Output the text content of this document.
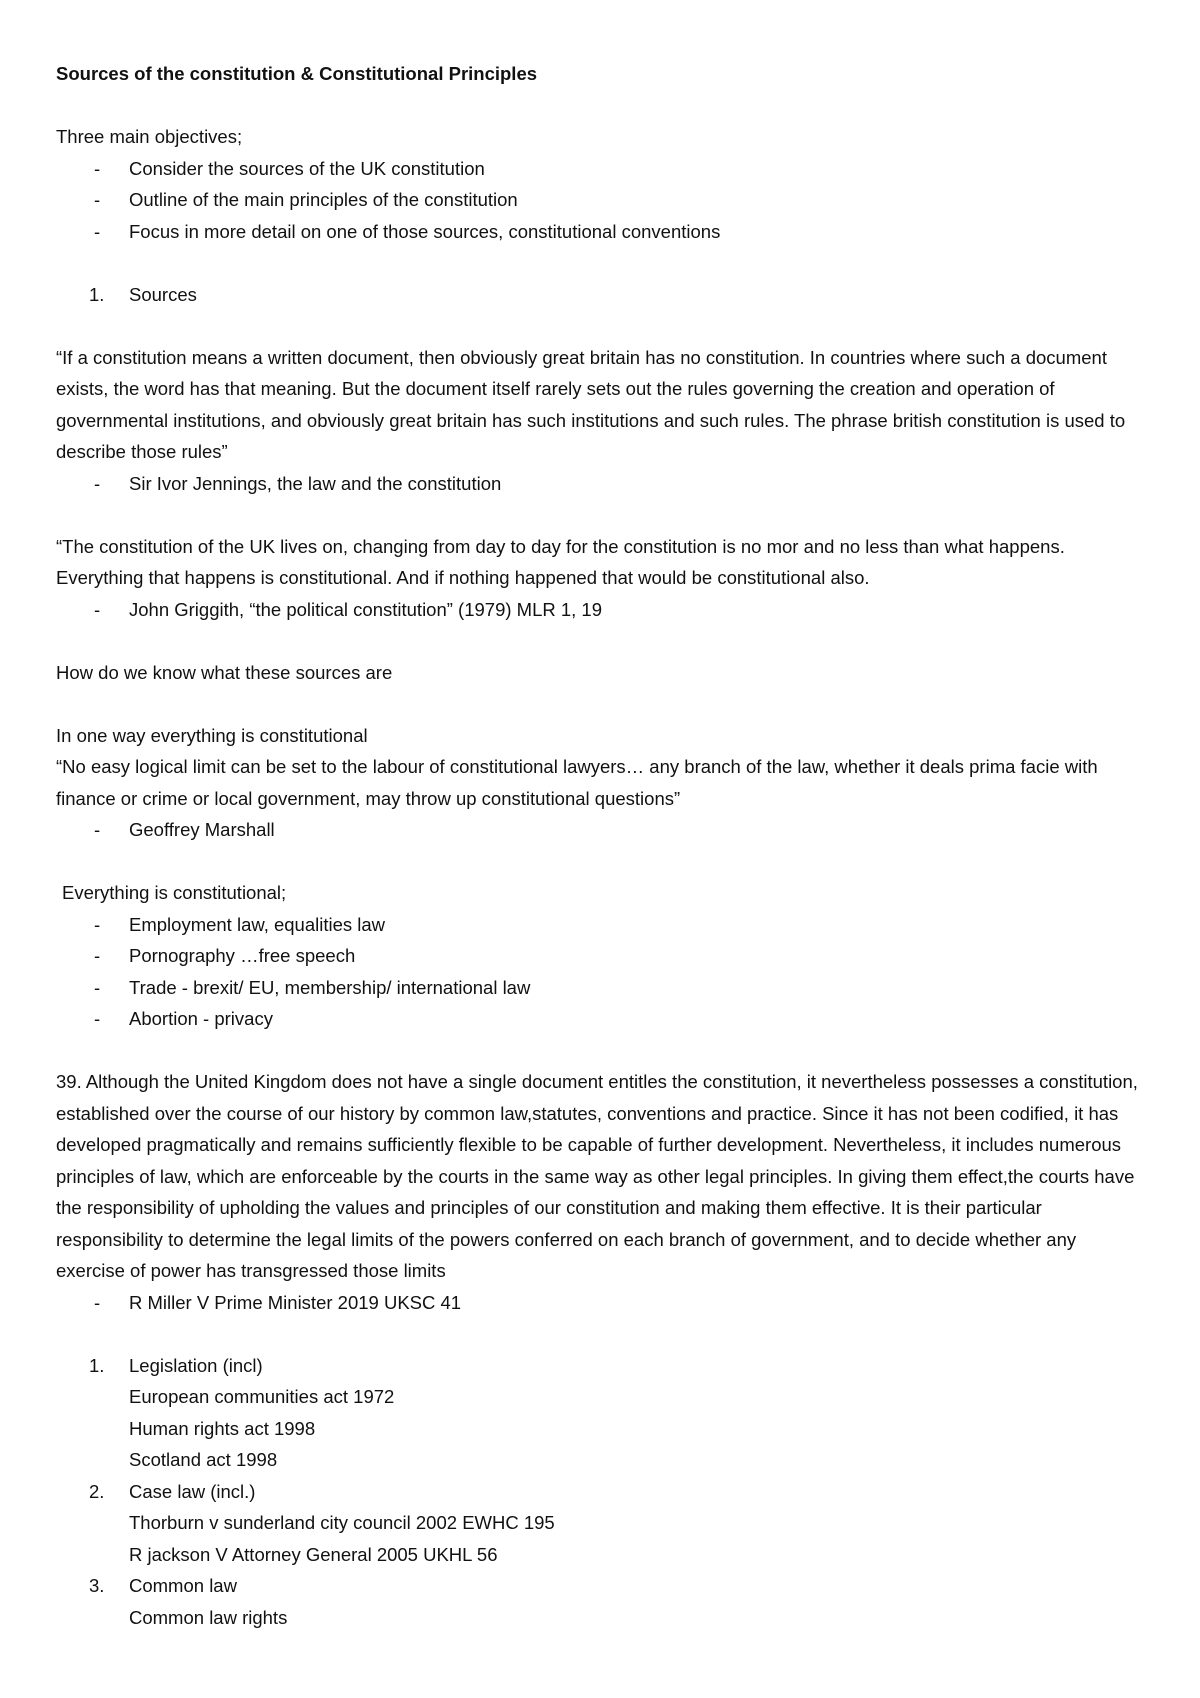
Sources of the constitution & Constitutional Principles

Three main objectives;

- Consider the sources of the UK constitution
- Outline of the main principles of the constitution
- Focus in more detail on one of those sources, constitutional conventions
1. Sources

“If a constitution means a written document, then obviously great britain has no constitution. In countries where such a document exists, the word has that meaning. But the document itself rarely sets out the rules governing the creation and operation of governmental institutions, and obviously great britain has such institutions and such rules. The phrase british constitution is used to describe those rules”

- Sir Ivor Jennings, the law and the constitution

“The constitution of the UK lives on, changing from day to day for the constitution is no mor and no less than what happens. Everything that happens is constitutional. And if nothing happened that would be constitutional also.

- John Griggith, “the political constitution” (1979) MLR 1, 19

How do we know what these sources are

In one way everything is constitutional

“No easy logical limit can be set to the labour of constitutional lawyers… any branch of the law, whether it deals prima facie with finance or crime or local government, may throw up constitutional questions”

- Geoffrey Marshall

Everything is constitutional;

- Employment law, equalities law
- Pornography …free speech
- Trade - brexit/ EU, membership/ international law
- Abortion - privacy

39. Although the United Kingdom does not have a single document entitles the constitution, it nevertheless possesses a constitution, established over the course of our history by common law,statutes, conventions and practice. Since it has not been codified, it has developed pragmatically and remains sufficiently flexible to be capable of further development. Nevertheless, it includes numerous principles of law, which are enforceable by the courts in the same way as other legal principles. In giving them effect,the courts have the responsibility of upholding the values and principles of our constitution and making them effective. It is their particular responsibility to determine the legal limits of the powers conferred on each branch of government, and to decide whether any exercise of power has transgressed those limits

- R Miller V Prime Minister 2019 UKSC 41
1. Legislation (incl)
European communities act 1972
Human rights act 1998
Scotland act 1998
2. Case law (incl.)
Thorburn v sunderland city council 2002 EWHC 195
R jackson V Attorney General 2005 UKHL 56
3. Common law
Common law rights
